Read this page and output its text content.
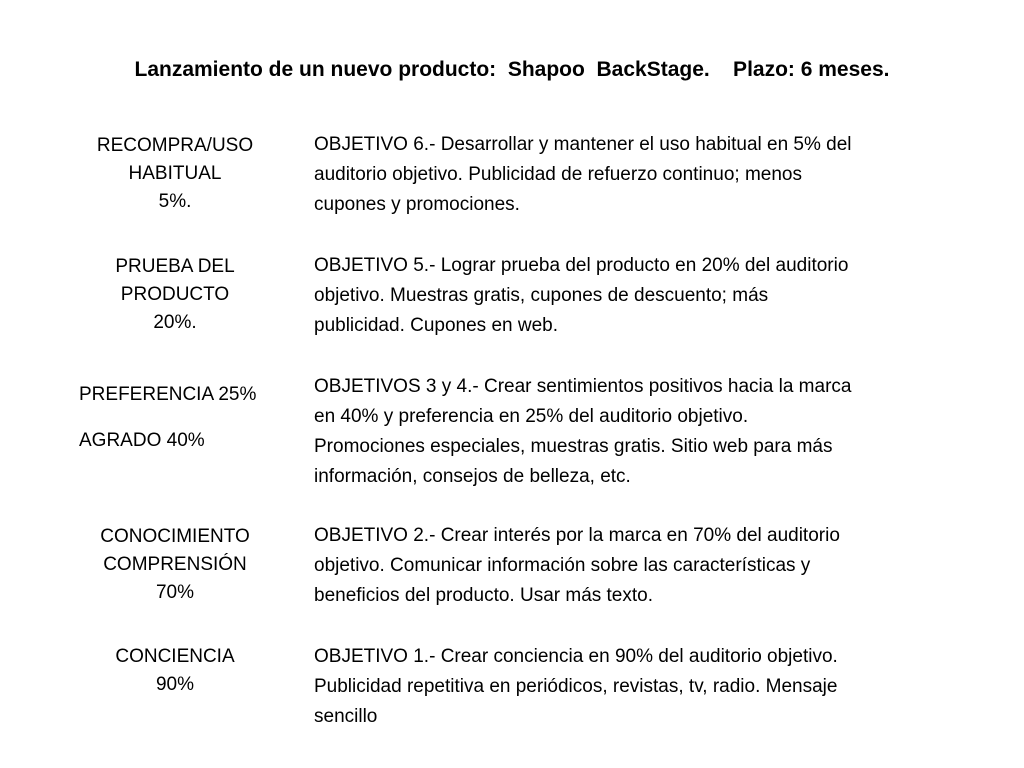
Lanzamiento de un nuevo producto:  Shapoo  BackStage.    Plazo: 6 meses.
RECOMPRA/USO
HABITUAL
5%.
OBJETIVO 6.- Desarrollar y mantener el uso habitual en 5% del
auditorio objetivo. Publicidad de refuerzo continuo; menos
cupones y promociones.
PRUEBA DEL
PRODUCTO
20%.
OBJETIVO 5.- Lograr prueba del producto en 20% del auditorio
objetivo. Muestras gratis, cupones de descuento; más
publicidad. Cupones en web.
PREFERENCIA 25%
AGRADO 40%
OBJETIVOS 3 y 4.- Crear sentimientos positivos hacia la marca
en 40% y preferencia en 25% del auditorio objetivo.
Promociones especiales, muestras gratis. Sitio web para más
información, consejos de belleza, etc.
CONOCIMIENTO
COMPRENSIÓN
70%
OBJETIVO 2.- Crear interés por la marca en 70% del auditorio
objetivo. Comunicar información sobre las características y
beneficios del producto. Usar más texto.
CONCIENCIA
90%
OBJETIVO 1.- Crear conciencia en 90% del auditorio objetivo.
Publicidad repetitiva en periódicos, revistas, tv, radio. Mensaje
sencillo
